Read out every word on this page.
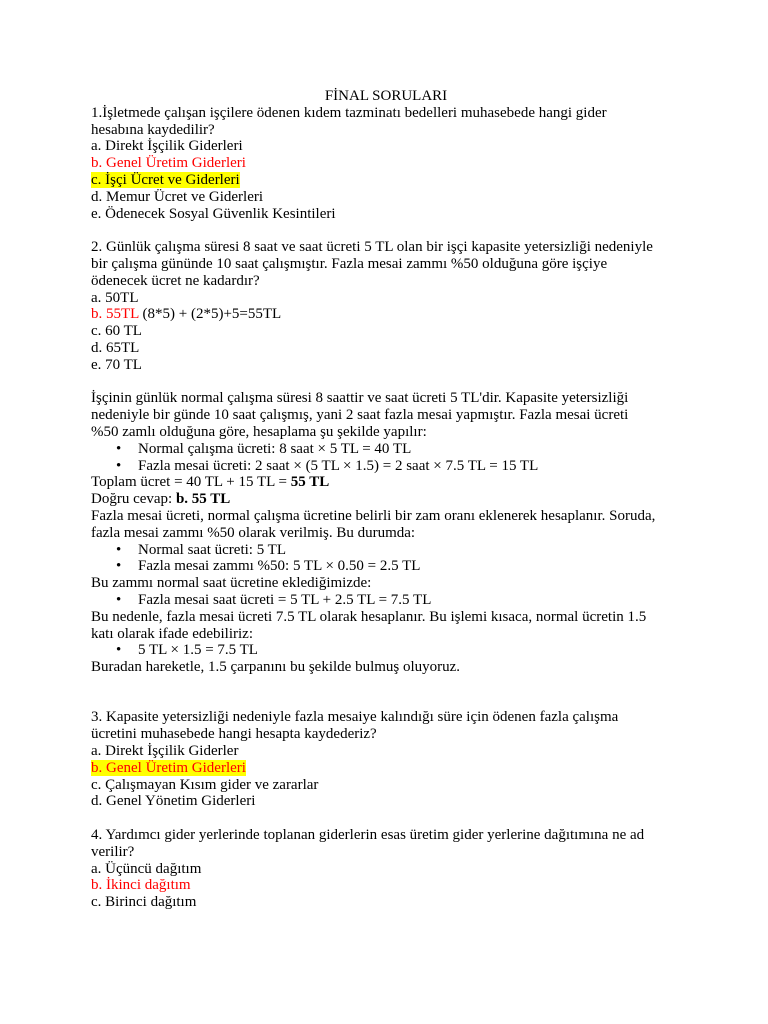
FİNAL SORULARI
1.İşletmede çalışan işçilere ödenen kıdem tazminatı bedelleri muhasebede hangi gider
hesabına kaydedilir?
a. Direkt İşçilik Giderleri
b. Genel Üretim Giderleri
c. İşçi Ücret ve Giderleri
d. Memur Ücret ve Giderleri
e. Ödenecek Sosyal Güvenlik Kesintileri
2. Günlük çalışma süresi 8 saat ve saat ücreti 5 TL olan bir işçi kapasite yetersizliği nedeniyle
bir çalışma gününde 10 saat çalışmıştır. Fazla mesai zammı %50 olduğuna göre işçiye
ödenecek ücret ne kadardır?
a. 50TL
b. 55TL (8*5) + (2*5)+5=55TL
c. 60 TL
d. 65TL
e. 70 TL
İşçinin günlük normal çalışma süresi 8 saattir ve saat ücreti 5 TL'dir. Kapasite yetersizliği
nedeniyle bir günde 10 saat çalışmış, yani 2 saat fazla mesai yapmıştır. Fazla mesai ücreti
%50 zamlı olduğuna göre, hesaplama şu şekilde yapılır:
• Normal çalışma ücreti: 8 saat × 5 TL = 40 TL
• Fazla mesai ücreti: 2 saat × (5 TL × 1.5) = 2 saat × 7.5 TL = 15 TL
Toplam ücret = 40 TL + 15 TL = 55 TL
Doğru cevap: b. 55 TL
Fazla mesai ücreti, normal çalışma ücretine belirli bir zam oranı eklenerek hesaplanır. Soruda,
fazla mesai zammı %50 olarak verilmiş. Bu durumda:
• Normal saat ücreti: 5 TL
• Fazla mesai zammı %50: 5 TL × 0.50 = 2.5 TL
Bu zammı normal saat ücretine eklediğimizde:
• Fazla mesai saat ücreti = 5 TL + 2.5 TL = 7.5 TL
Bu nedenle, fazla mesai ücreti 7.5 TL olarak hesaplanır. Bu işlemi kısaca, normal ücretin 1.5
katı olarak ifade edebiliriz:
• 5 TL × 1.5 = 7.5 TL
Buradan hareketle, 1.5 çarpanını bu şekilde bulmuş oluyoruz.
3. Kapasite yetersizliği nedeniyle fazla mesaiye kalındığı süre için ödenen fazla çalışma
ücretini muhasebede hangi hesapta kaydederiz?
a. Direkt İşçilik Giderler
b. Genel Üretim Giderleri
c. Çalışmayan Kısım gider ve zararlar
d. Genel Yönetim Giderleri
4. Yardımcı gider yerlerinde toplanan giderlerin esas üretim gider yerlerine dağıtımına ne ad
verilir?
a. Üçüncü dağıtım
b. İkinci dağıtım
c. Birinci dağıtım
